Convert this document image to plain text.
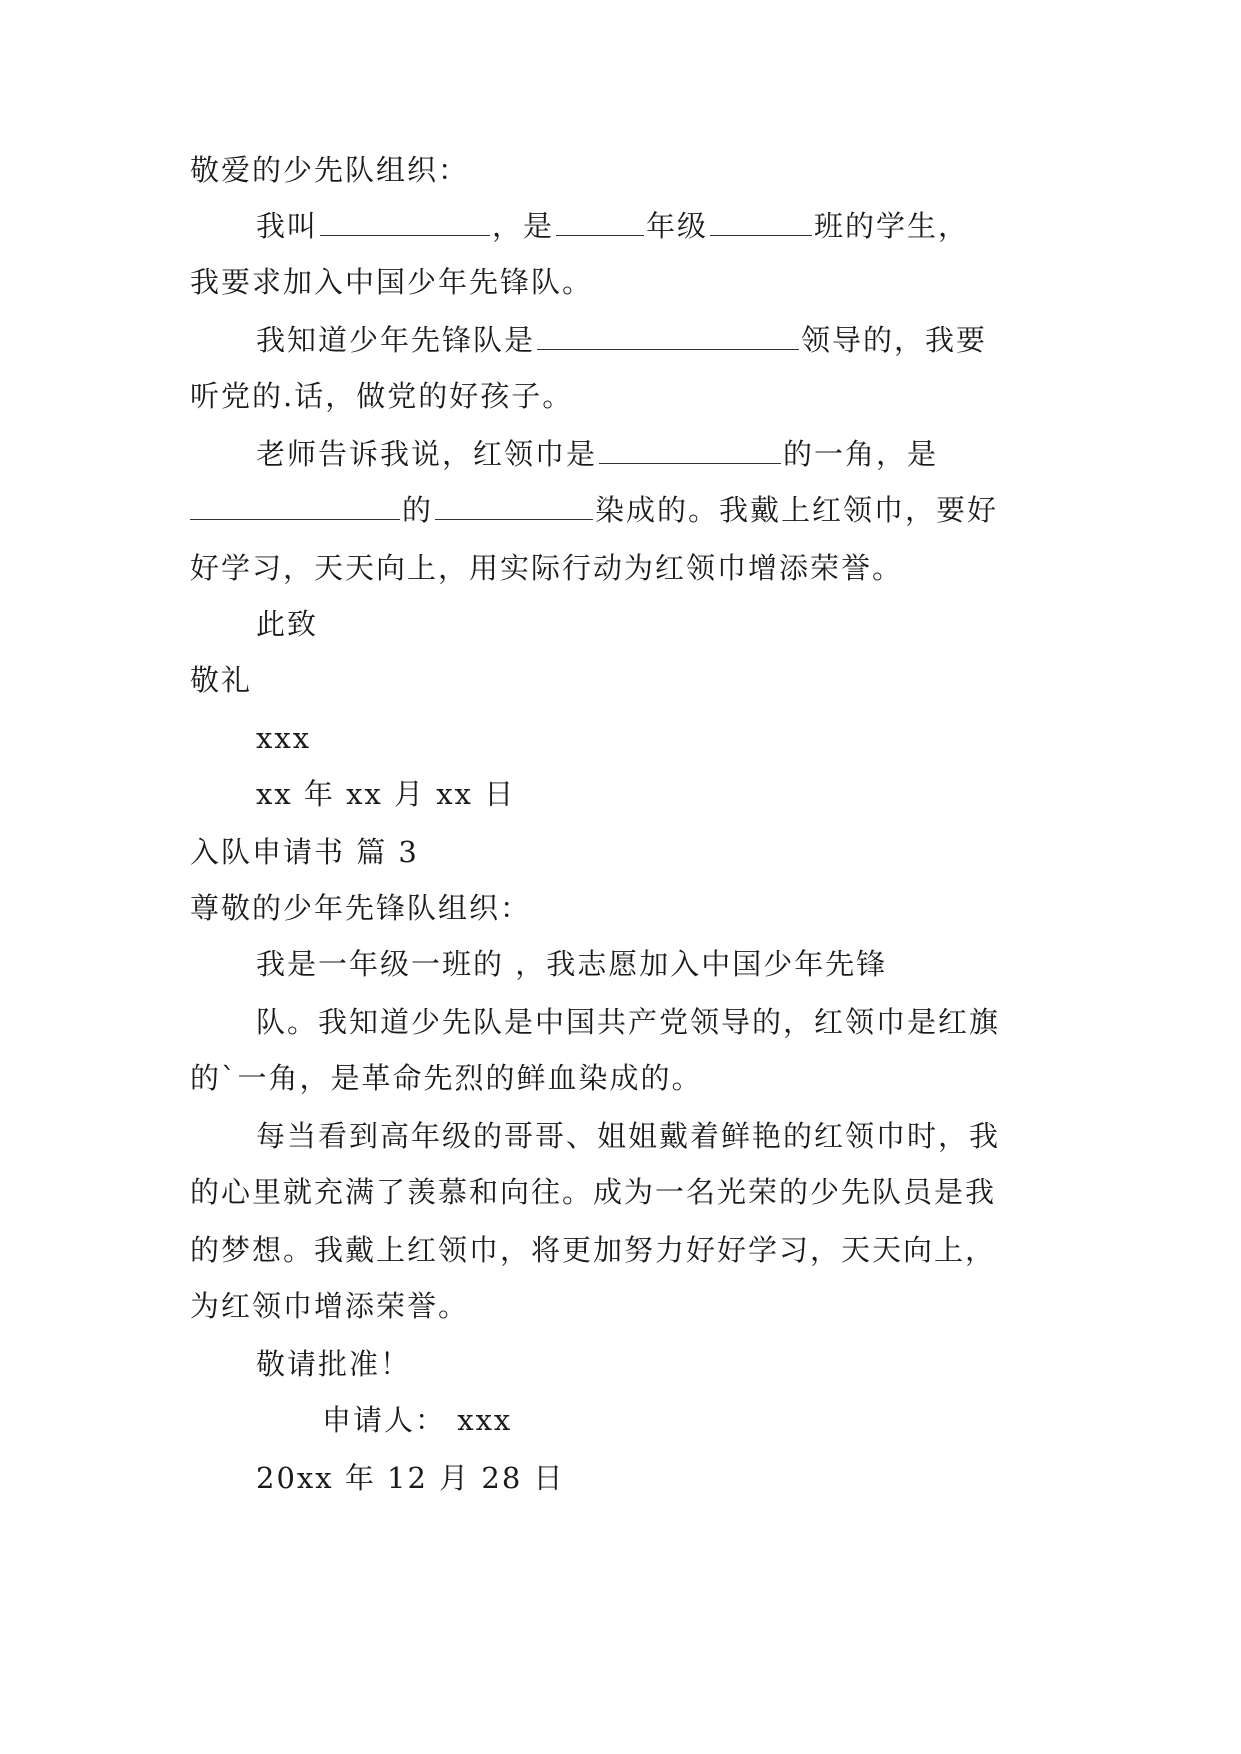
敬爱的少先队组织：
我叫	，是	年级	班的学生，
我要求加入中国少年先锋队。
我知道少年先锋队是	领导的，我要
听党的.话，做党的好孩子。
老师告诉我说，红领巾是	的一角，是
的	染成的。我戴上红领巾，要好
好学习，天天向上，用实际行动为红领巾增添荣誉。
此致
敬礼
xxx
xx 年 xx 月 xx 日
入队申请书 篇 3
尊敬的少年先锋队组织：
我是一年级一班的 ，我志愿加入中国少年先锋
队。我知道少先队是中国共产党领导的，红领巾是红旗
的`一角，是革命先烈的鲜血染成的。
每当看到高年级的哥哥、姐姐戴着鲜艳的红领巾时，我
的心里就充满了羡慕和向往。成为一名光荣的少先队员是我
的梦想。我戴上红领巾，将更加努力好好学习，天天向上，
为红领巾增添荣誉。
敬请批准！
申请人： xxx
20xx 年 12 月 28 日
